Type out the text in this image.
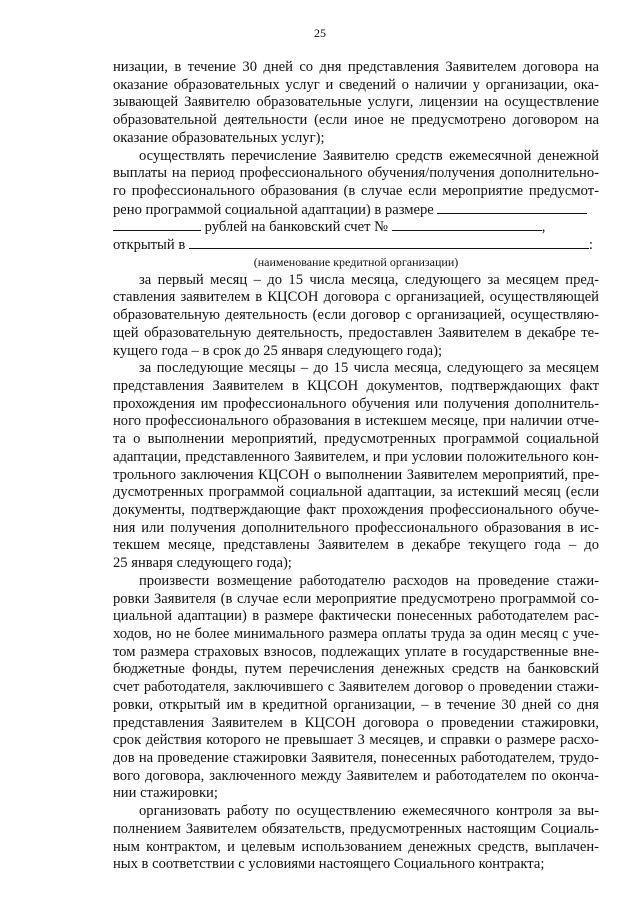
25
низации, в течение 30 дней со дня представления Заявителем договора на
оказание образовательных услуг и сведений о наличии у организации, ока-
зывающей Заявителю образовательные услуги, лицензии на осуществление
образовательной деятельности (если иное не предусмотрено договором на
оказание образовательных услуг);
осуществлять перечисление Заявителю средств ежемесячной денежной
выплаты на период профессионального обучения/получения дополнительно-
го профессионального образования (в случае если мероприятие предусмот-
рено программой социальной адаптации) в размере
рублей на банковский счет №	,
открытый в	:
(наименование кредитной организации)
за первый месяц – до 15 числа месяца, следующего за месяцем пред-
ставления заявителем в КЦСОН договора с организацией, осуществляющей
образовательную деятельность (если договор с организацией, осуществляю-
щей образовательную деятельность, предоставлен Заявителем в декабре те-
кущего года – в срок до 25 января следующего года);
за последующие месяцы – до 15 числа месяца, следующего за месяцем
представления Заявителем в КЦСОН документов, подтверждающих факт
прохождения им профессионального обучения или получения дополнитель-
ного профессионального образования в истекшем месяце, при наличии отче-
та о выполнении мероприятий, предусмотренных программой социальной
адаптации, представленного Заявителем, и при условии положительного кон-
трольного заключения КЦСОН о выполнении Заявителем мероприятий, пре-
дусмотренных программой социальной адаптации, за истекший месяц (если
документы, подтверждающие факт прохождения профессионального обуче-
ния или получения дополнительного профессионального образования в ис-
текшем месяце, представлены Заявителем в декабре текущего года – до
25 января следующего года);
произвести возмещение работодателю расходов на проведение стажи-
ровки Заявителя (в случае если мероприятие предусмотрено программой со-
циальной адаптации) в размере фактически понесенных работодателем рас-
ходов, но не более минимального размера оплаты труда за один месяц с уче-
том размера страховых взносов, подлежащих уплате в государственные вне-
бюджетные фонды, путем перечисления денежных средств на банковский
счет работодателя, заключившего с Заявителем договор о проведении стажи-
ровки, открытый им в кредитной организации, – в течение 30 дней со дня
представления Заявителем в КЦСОН договора о проведении стажировки,
срок действия которого не превышает 3 месяцев, и справки о размере расхо-
дов на проведение стажировки Заявителя, понесенных работодателем, трудо-
вого договора, заключенного между Заявителем и работодателем по оконча-
нии стажировки;
организовать работу по осуществлению ежемесячного контроля за вы-
полнением Заявителем обязательств, предусмотренных настоящим Социаль-
ным контрактом, и целевым использованием денежных средств, выплачен-
ных в соответствии с условиями настоящего Социального контракта;
